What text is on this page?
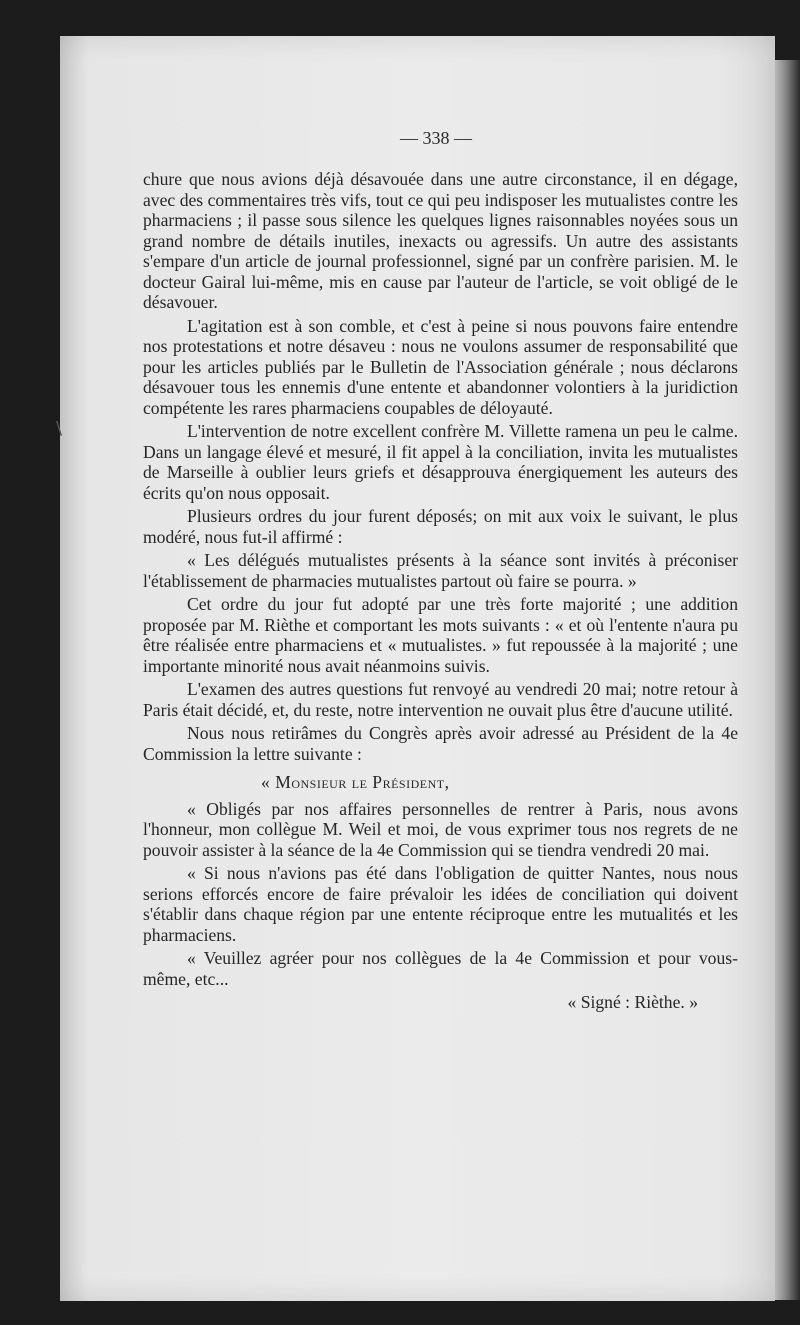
\
— 338 —

chure que nous avions déjà désavouée dans une autre circonstance, il en dégage, avec des commentaires très vifs, tout ce qui peu indisposer les mutualistes contre les pharmaciens ; il passe sous silence les quelques lignes raisonnables noyées sous un grand nombre de détails inutiles, inexacts ou agressifs. Un autre des assistants s'empare d'un article de journal professionnel, signé par un confrère parisien. M. le docteur Gairal lui-même, mis en cause par l'auteur de l'article, se voit obligé de le désavouer.

L'agitation est à son comble, et c'est à peine si nous pouvons faire entendre nos protestations et notre désaveu : nous ne voulons assumer de responsabilité que pour les articles publiés par le Bulletin de l'Association générale ; nous déclarons désavouer tous les ennemis d'une entente et abandonner volontiers à la juridiction compétente les rares pharmaciens coupables de déloyauté.

L'intervention de notre excellent confrère M. Villette ramena un peu le calme. Dans un langage élevé et mesuré, il fit appel à la conciliation, invita les mutualistes de Marseille à oublier leurs griefs et désapprouva énergiquement les auteurs des écrits qu'on nous opposait.

Plusieurs ordres du jour furent déposés; on mit aux voix le suivant, le plus modéré, nous fut-il affirmé :

« Les délégués mutualistes présents à la séance sont invités à préconiser l'établissement de pharmacies mutualistes partout où faire se pourra. »

Cet ordre du jour fut adopté par une très forte majorité ; une addition proposée par M. Rièthe et comportant les mots suivants : « et où l'entente n'aura pu être réalisée entre pharmaciens et « mutualistes. » fut repoussée à la majorité ; une importante minorité nous avait néanmoins suivis.

L'examen des autres questions fut renvoyé au vendredi 20 mai; notre retour à Paris était décidé, et, du reste, notre intervention ne ouvait plus être d'aucune utilité.

Nous nous retirâmes du Congrès après avoir adressé au Président de la 4e Commission la lettre suivante :

« Monsieur le Président,

« Obligés par nos affaires personnelles de rentrer à Paris, nous avons l'honneur, mon collègue M. Weil et moi, de vous exprimer tous nos regrets de ne pouvoir assister à la séance de la 4e Commission qui se tiendra vendredi 20 mai.

« Si nous n'avions pas été dans l'obligation de quitter Nantes, nous nous serions efforcés encore de faire prévaloir les idées de conciliation qui doivent s'établir dans chaque région par une entente réciproque entre les mutualités et les pharmaciens.

« Veuillez agréer pour nos collègues de la 4e Commission et pour vous-même, etc...

« Signé : Rièthe. »
